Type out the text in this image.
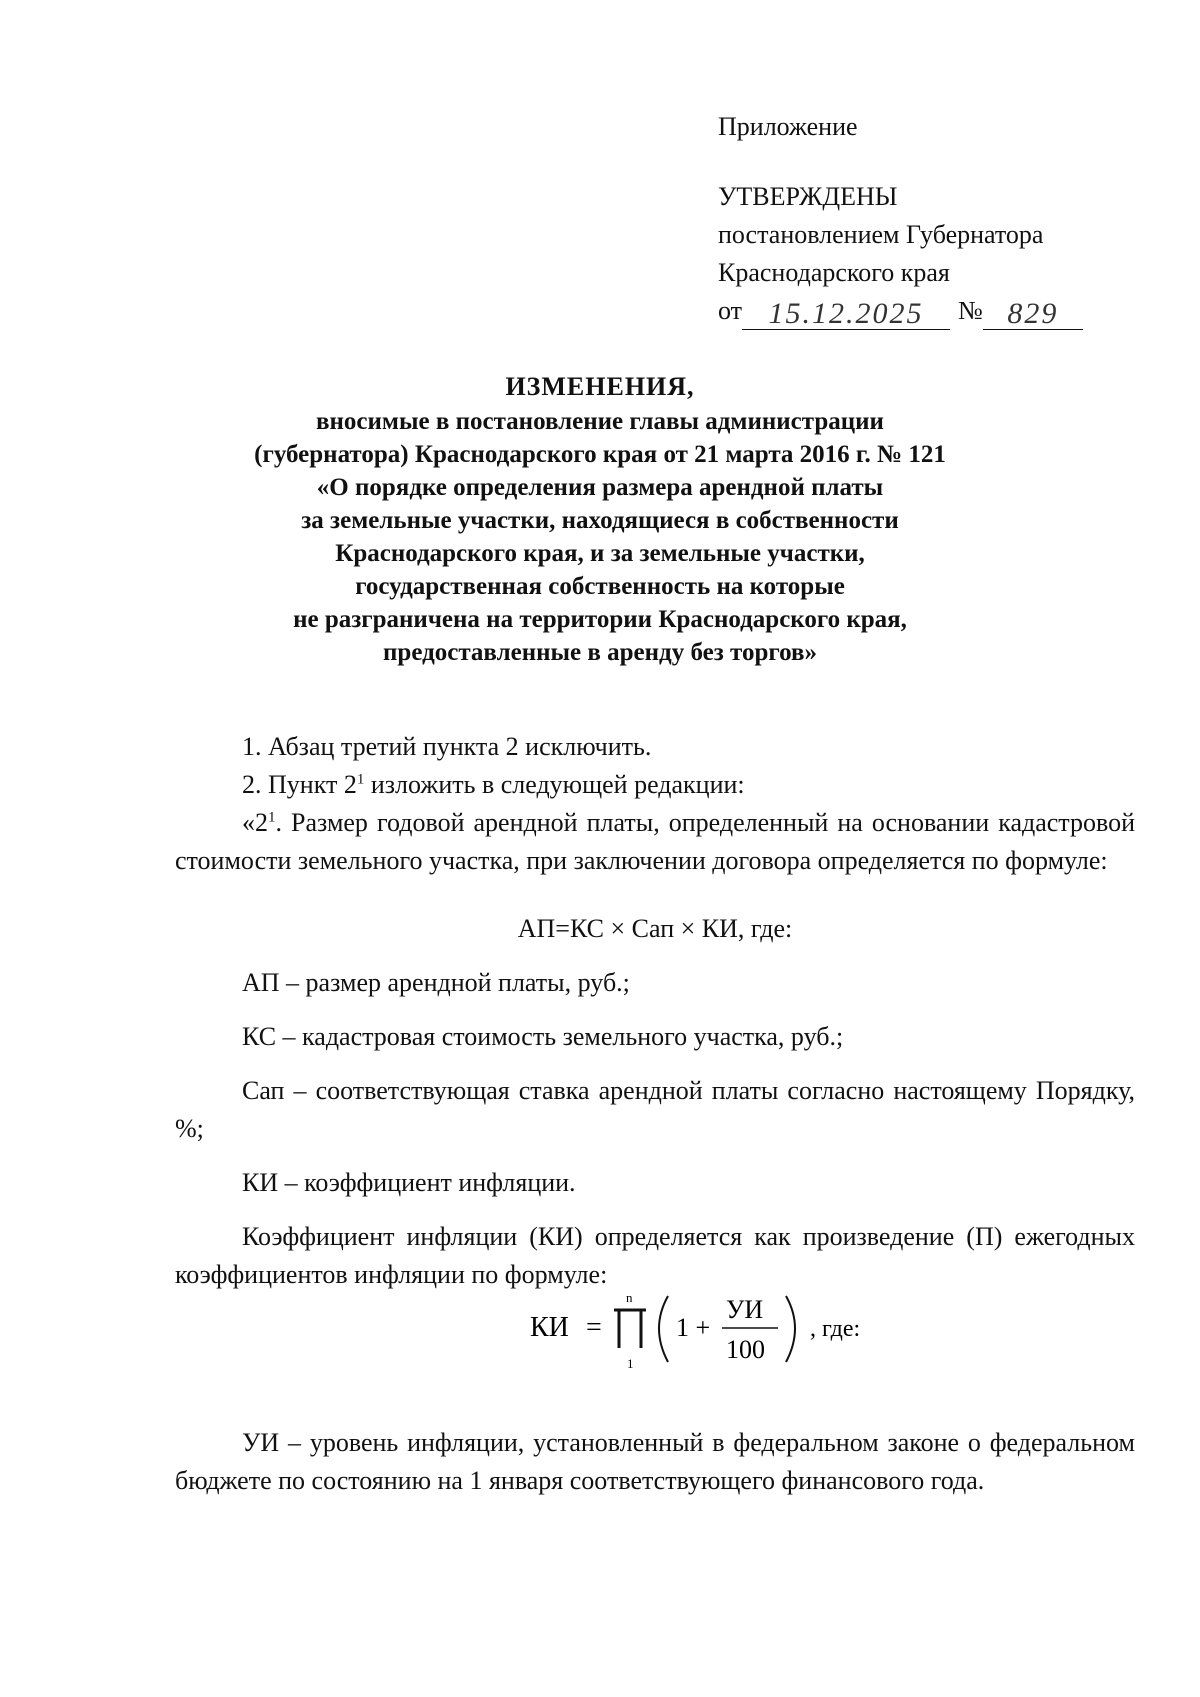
Приложение
УТВЕРЖДЕНЫ
постановлением Губернатора
Краснодарского края
от 15.12.2025	№ 829
ИЗМЕНЕНИЯ,
вносимые в постановление главы администрации
(губернатора) Краснодарского края от 21 марта 2016 г. № 121
«О порядке определения размера арендной платы
за земельные участки, находящиеся в собственности
Краснодарского края, и за земельные участки,
государственная собственность на которые
не разграничена на территории Краснодарского края,
предоставленные в аренду без торгов»
1. Абзац третий пункта 2 исключить.
2. Пункт $2^1$ изложить в следующей редакции:
«$2^1$. Размер годовой арендной платы, определенный на основании кадастровой стоимости земельного участка, при заключении договора определяется по формуле:
АП=КС × Сап × КИ, где:
АП – размер арендной платы, руб.;
КС – кадастровая стоимость земельного участка, руб.;
Сап – соответствующая ставка арендной платы согласно настоящему Порядку, %;
КИ – коэффициент инфляции.
Коэффициент инфляции (КИ) определяется как произведение (П) ежегодных коэффициентов инфляции по формуле:
КИ =
n
1
1 +
УИ
100
, где:
УИ – уровень инфляции, установленный в федеральном законе о федеральном бюджете по состоянию на 1 января соответствующего финансового года.
